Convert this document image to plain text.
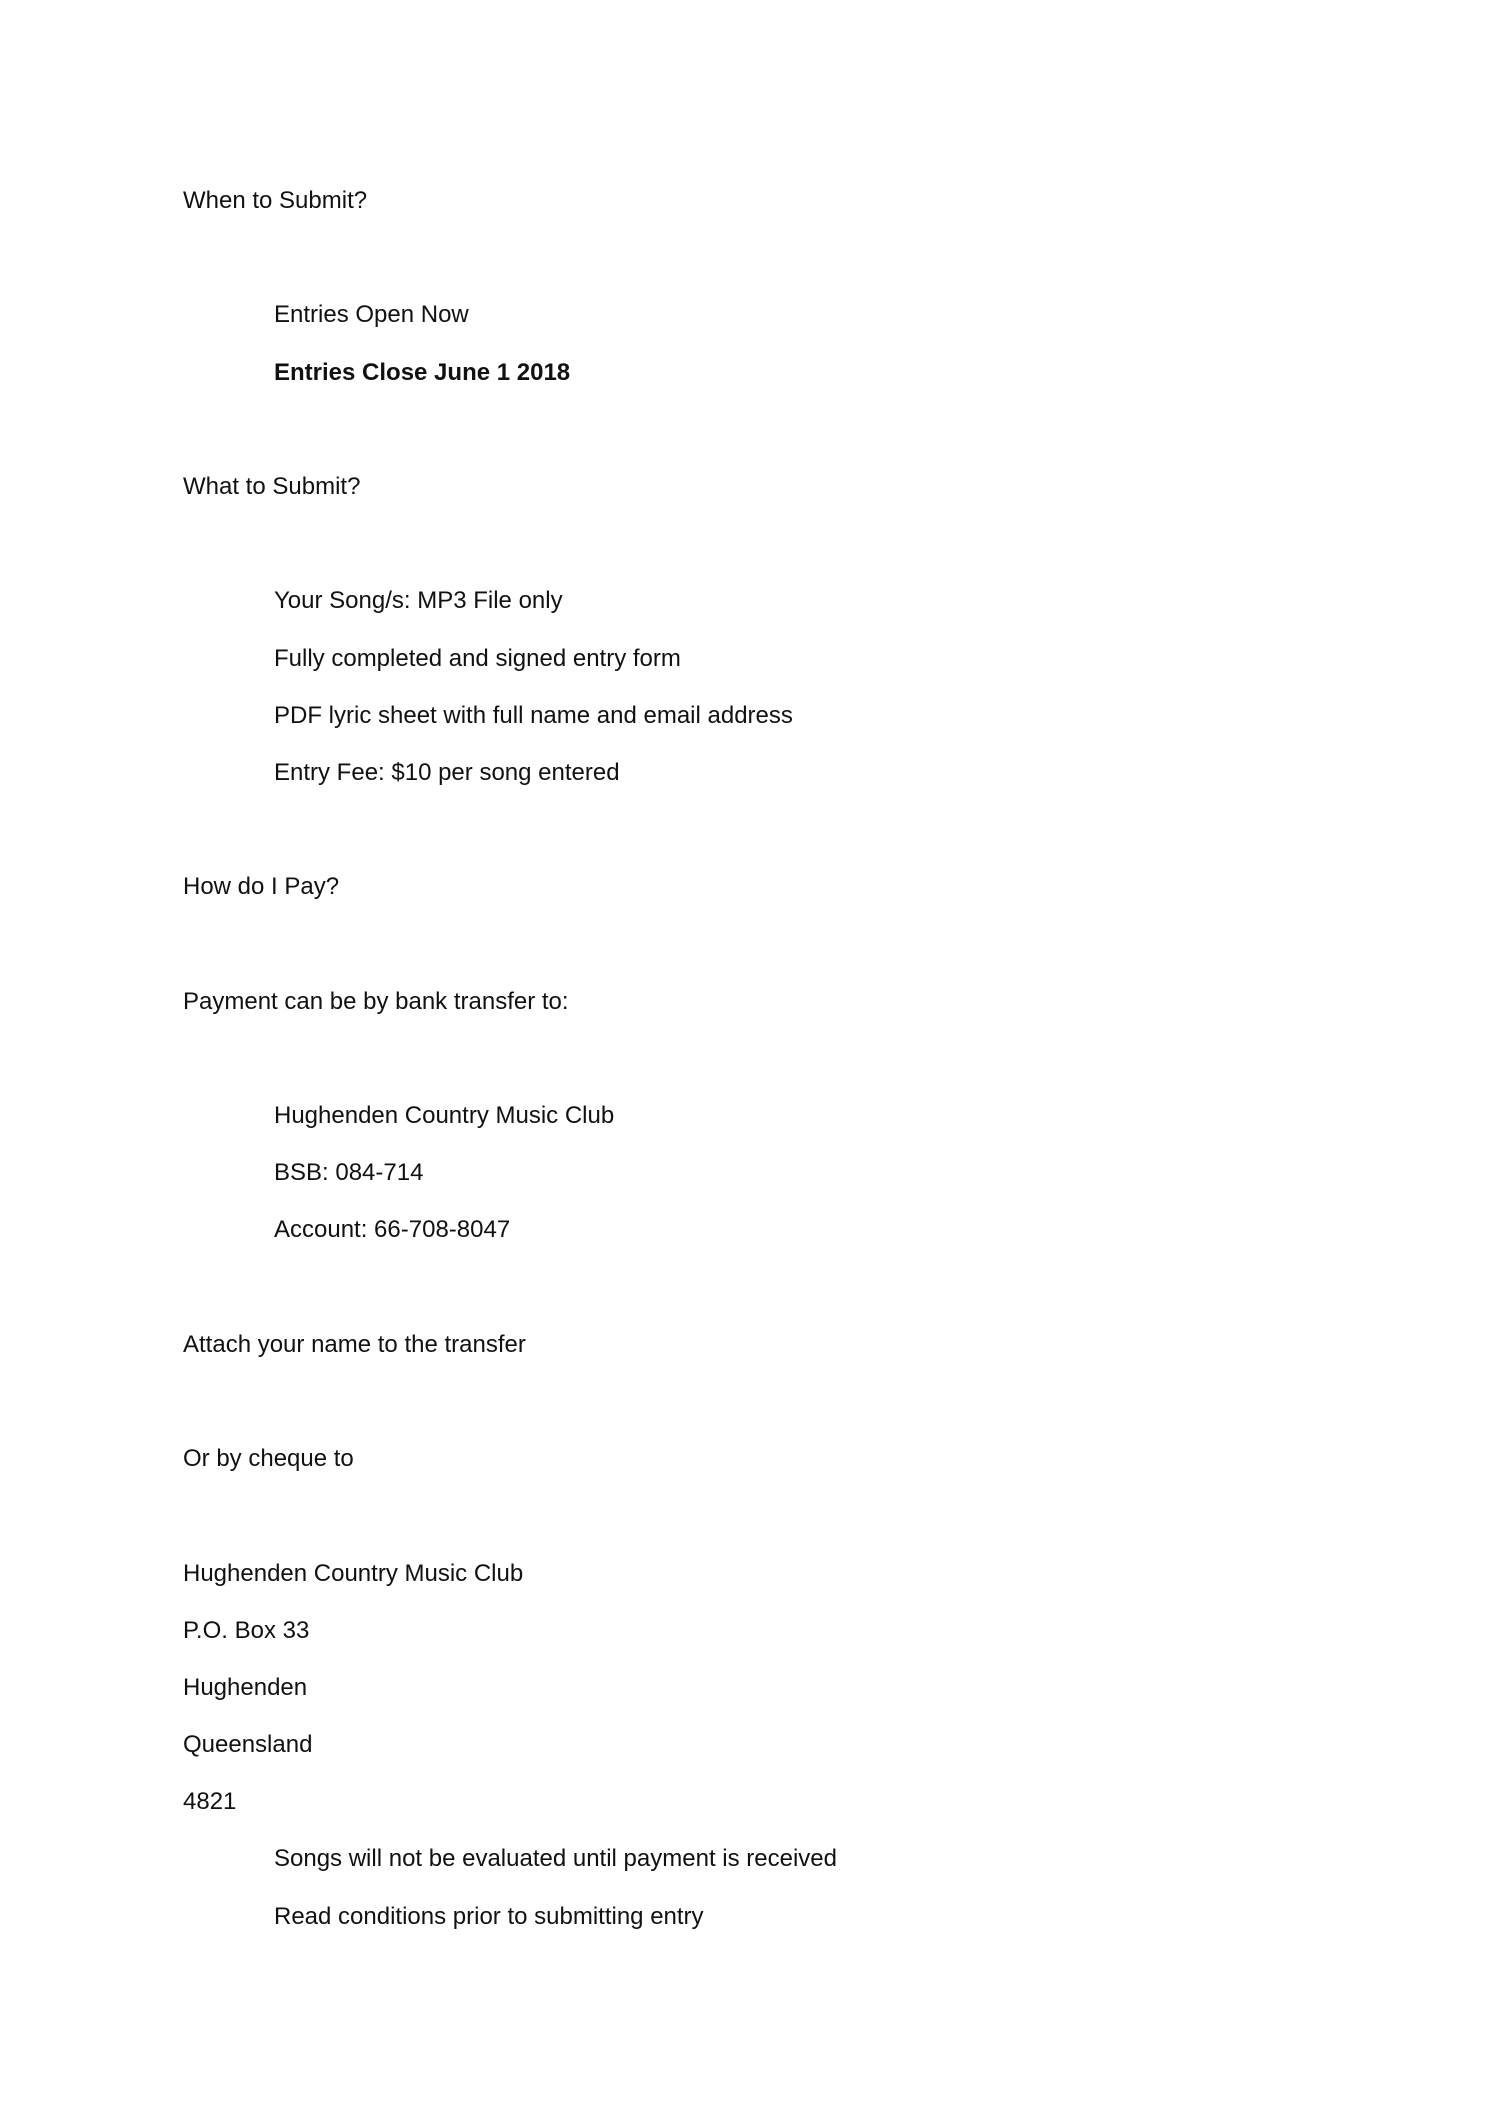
When to Submit?
Entries Open Now
Entries Close June 1 2018
What to Submit?
Your Song/s: MP3 File only
Fully completed and signed entry form
PDF lyric sheet with full name and email address
Entry Fee: $10 per song entered
How do I Pay?
Payment can be by bank transfer to:
Hughenden Country Music Club
BSB: 084-714
Account: 66-708-8047
Attach your name to the transfer
Or by cheque to
Hughenden Country Music Club
P.O. Box 33
Hughenden
Queensland
4821
Songs will not be evaluated until payment is received
Read conditions prior to submitting entry
